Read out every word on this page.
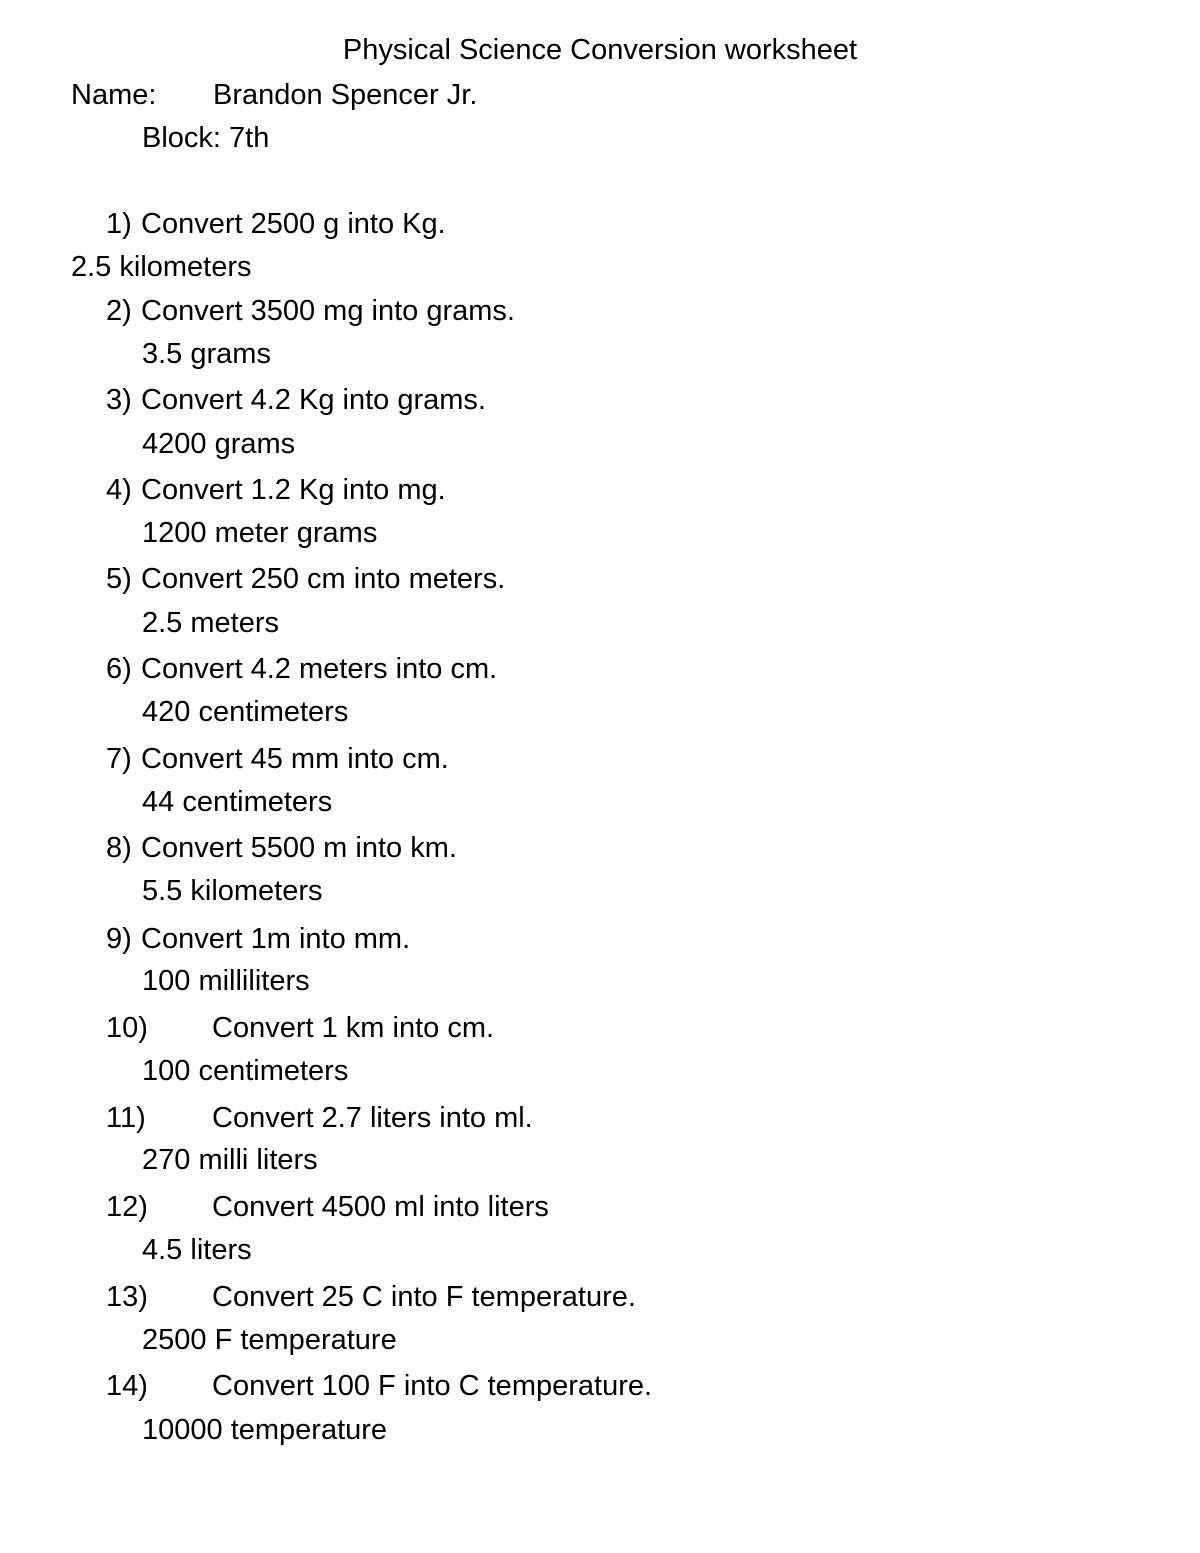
Physical Science Conversion worksheet
Name: Brandon Spencer Jr.
Block: 7th
1) Convert 2500 g into Kg.
2.5 kilometers
2) Convert 3500 mg into grams.
3.5 grams
3) Convert 4.2 Kg into grams.
4200 grams
4) Convert 1.2 Kg into mg.
1200 meter grams
5) Convert 250 cm into meters.
2.5 meters
6) Convert 4.2 meters into cm.
420 centimeters
7) Convert 45 mm into cm.
44 centimeters
8) Convert 5500 m into km.
5.5 kilometers
9) Convert 1m into mm.
100 milliliters
10) Convert 1 km into cm.
100 centimeters
11) Convert 2.7 liters into ml.
270 milli liters
12) Convert 4500 ml into liters
4.5 liters
13) Convert 25 C into F temperature.
2500 F temperature
14) Convert 100 F into C temperature.
10000 temperature
